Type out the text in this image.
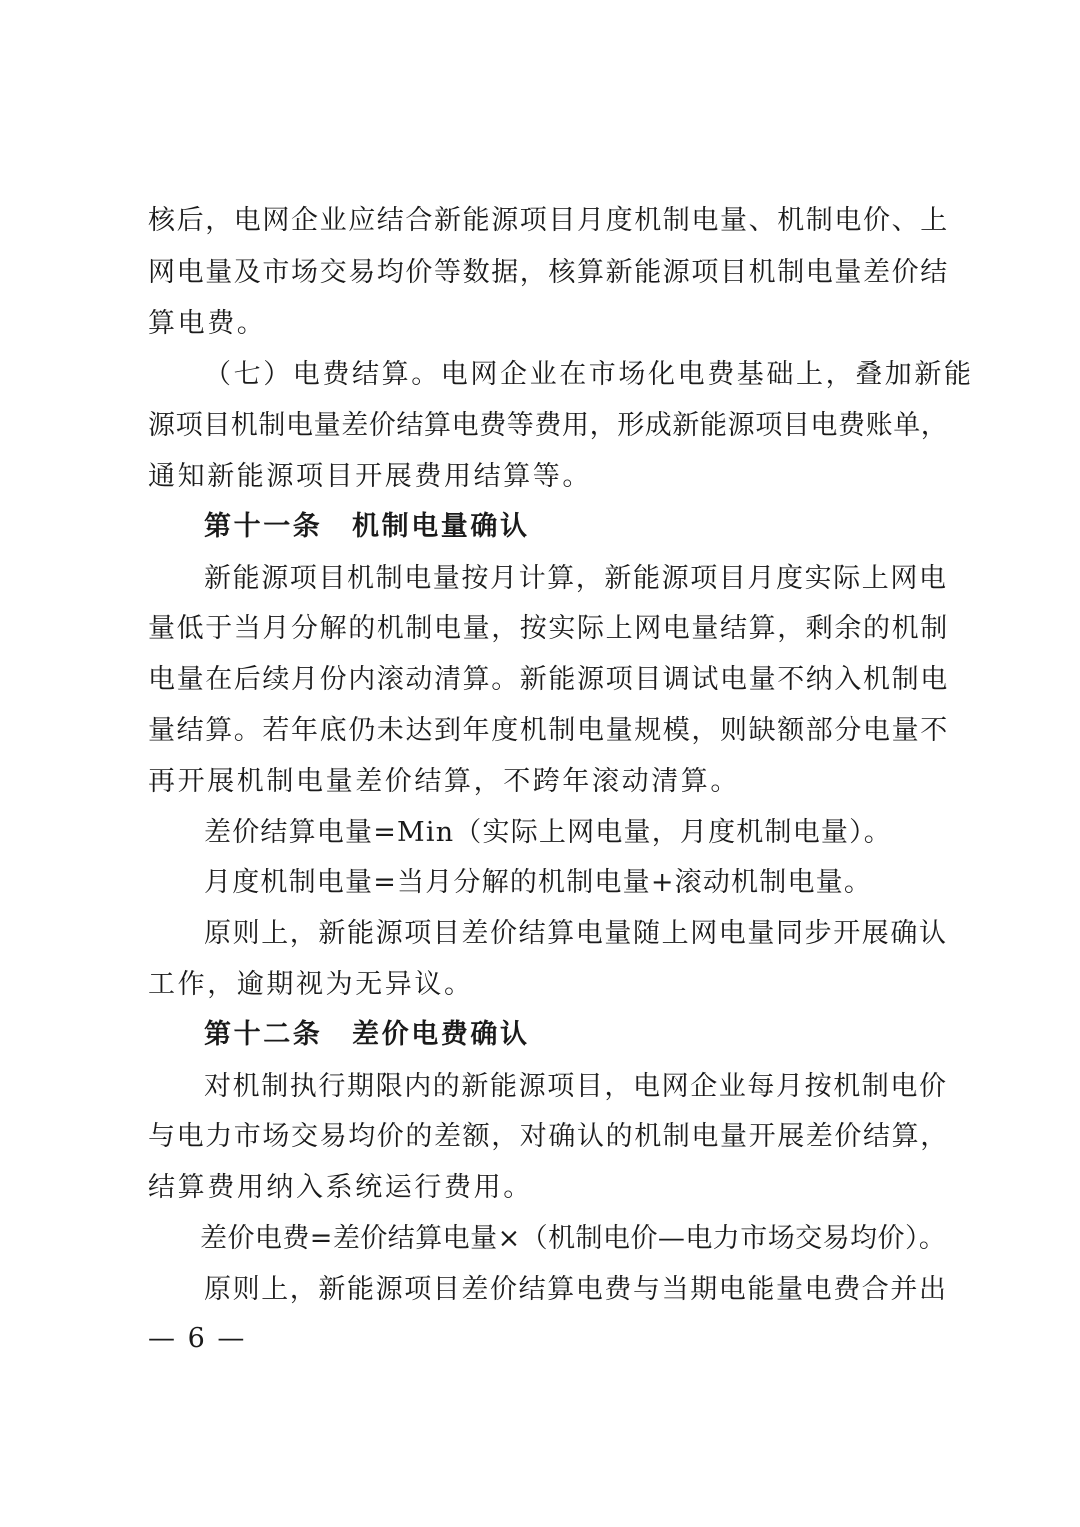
核后，电网企业应结合新能源项目月度机制电量、机制电价、上
网电量及市场交易均价等数据，核算新能源项目机制电量差价结
算电费。
（七）电费结算。电网企业在市场化电费基础上，叠加新能
源项目机制电量差价结算电费等费用，形成新能源项目电费账单，
通知新能源项目开展费用结算等。
第十一条　机制电量确认
新能源项目机制电量按月计算，新能源项目月度实际上网电
量低于当月分解的机制电量，按实际上网电量结算，剩余的机制
电量在后续月份内滚动清算。新能源项目调试电量不纳入机制电
量结算。若年底仍未达到年度机制电量规模，则缺额部分电量不
再开展机制电量差价结算，不跨年滚动清算。
差价结算电量=Min（实际上网电量，月度机制电量）。
月度机制电量=当月分解的机制电量+滚动机制电量。
原则上，新能源项目差价结算电量随上网电量同步开展确认
工作，逾期视为无异议。
第十二条　差价电费确认
对机制执行期限内的新能源项目，电网企业每月按机制电价
与电力市场交易均价的差额，对确认的机制电量开展差价结算，
结算费用纳入系统运行费用。
差价电费=差价结算电量×（机制电价—电力市场交易均价）。
原则上，新能源项目差价结算电费与当期电能量电费合并出
— 6 —
